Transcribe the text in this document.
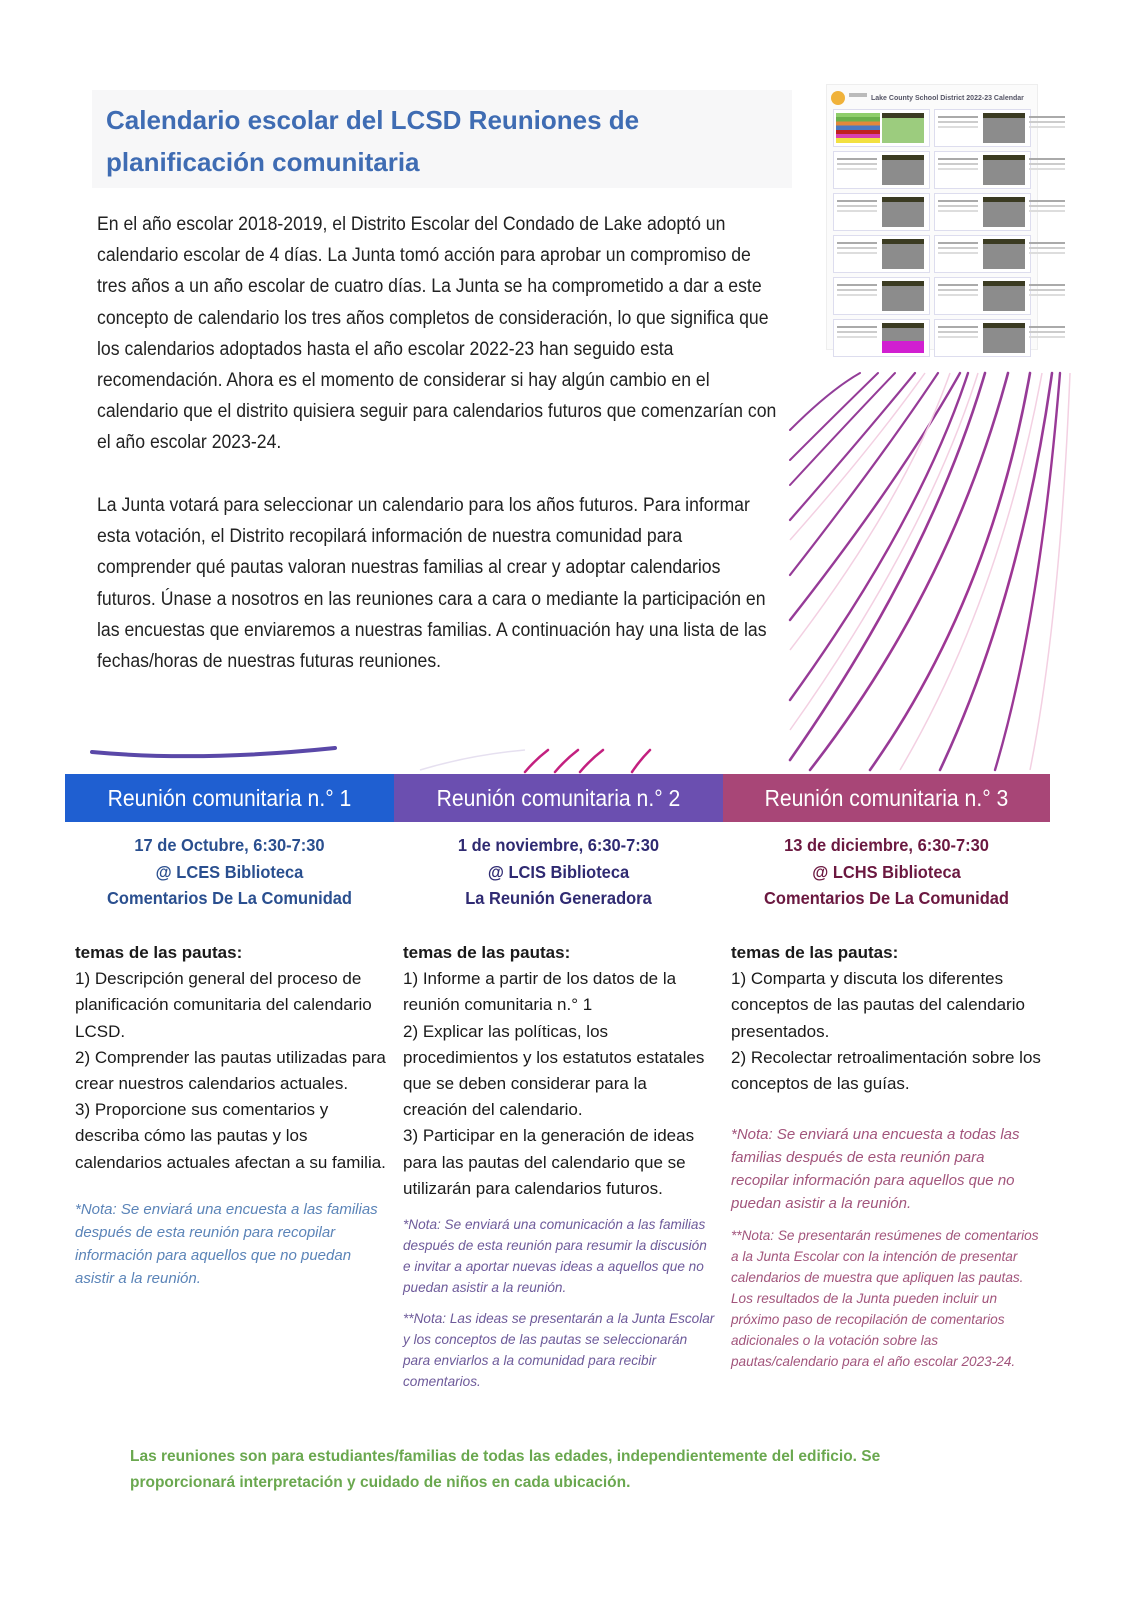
Calendario escolar del LCSD Reuniones de planificación comunitaria
Lake County School District 2022-23 Calendar

En el año escolar 2018-2019, el Distrito Escolar del Condado de Lake adoptó un calendario escolar de 4 días. La Junta tomó acción para aprobar un compromiso de tres años a un año escolar de cuatro días. La Junta se ha comprometido a dar a este concepto de calendario los tres años completos de consideración, lo que significa que los calendarios adoptados hasta el año escolar 2022-23 han seguido esta recomendación. Ahora es el momento de considerar si hay algún cambio en el calendario que el distrito quisiera seguir para calendarios futuros que comenzarían con el año escolar 2023-24.

La Junta votará para seleccionar un calendario para los años futuros. Para informar esta votación, el Distrito recopilará información de nuestra comunidad para comprender qué pautas valoran nuestras familias al crear y adoptar calendarios futuros. Únase a nosotros en las reuniones cara a cara o mediante la participación en las encuestas que enviaremos a nuestras familias. A continuación hay una lista de las fechas/horas de nuestras futuras reuniones.

Reunión comunitaria n.° 1	Reunión comunitaria n.° 2	Reunión comunitaria n.° 3
17 de Octubre, 6:30-7:30
@ LCES Biblioteca
Comentarios De La Comunidad
1 de noviembre, 6:30-7:30
@ LCIS Biblioteca
La Reunión Generadora
13 de diciembre, 6:30-7:30
@ LCHS Biblioteca
Comentarios De La Comunidad
temas de las pautas:
1) Descripción general del proceso de planificación comunitaria del calendario LCSD.
2) Comprender las pautas utilizadas para crear nuestros calendarios actuales.
3) Proporcione sus comentarios y describa cómo las pautas y los calendarios actuales afectan a su familia.
*Nota: Se enviará una encuesta a las familias después de esta reunión para recopilar información para aquellos que no puedan asistir a la reunión.
temas de las pautas:
1) Informe a partir de los datos de la reunión comunitaria n.° 1
2) Explicar las políticas, los procedimientos y los estatutos estatales que se deben considerar para la creación del calendario.
3) Participar en la generación de ideas para las pautas del calendario que se utilizarán para calendarios futuros.
*Nota: Se enviará una comunicación a las familias después de esta reunión para resumir la discusión e invitar a aportar nuevas ideas a aquellos que no puedan asistir a la reunión.
**Nota: Las ideas se presentarán a la Junta Escolar y los conceptos de las pautas se seleccionarán para enviarlos a la comunidad para recibir comentarios.
temas de las pautas:
1) Comparta y discuta los diferentes conceptos de las pautas del calendario presentados.
2) Recolectar retroalimentación sobre los conceptos de las guías.
*Nota: Se enviará una encuesta a todas las familias después de esta reunión para recopilar información para aquellos que no puedan asistir a la reunión.
**Nota: Se presentarán resúmenes de comentarios a la Junta Escolar con la intención de presentar calendarios de muestra que apliquen las pautas. Los resultados de la Junta pueden incluir un próximo paso de recopilación de comentarios adicionales o la votación sobre las pautas/calendario para el año escolar 2023-24.

Las reuniones son para estudiantes/familias de todas las edades, independientemente del edificio. Se proporcionará interpretación y cuidado de niños en cada ubicación.
